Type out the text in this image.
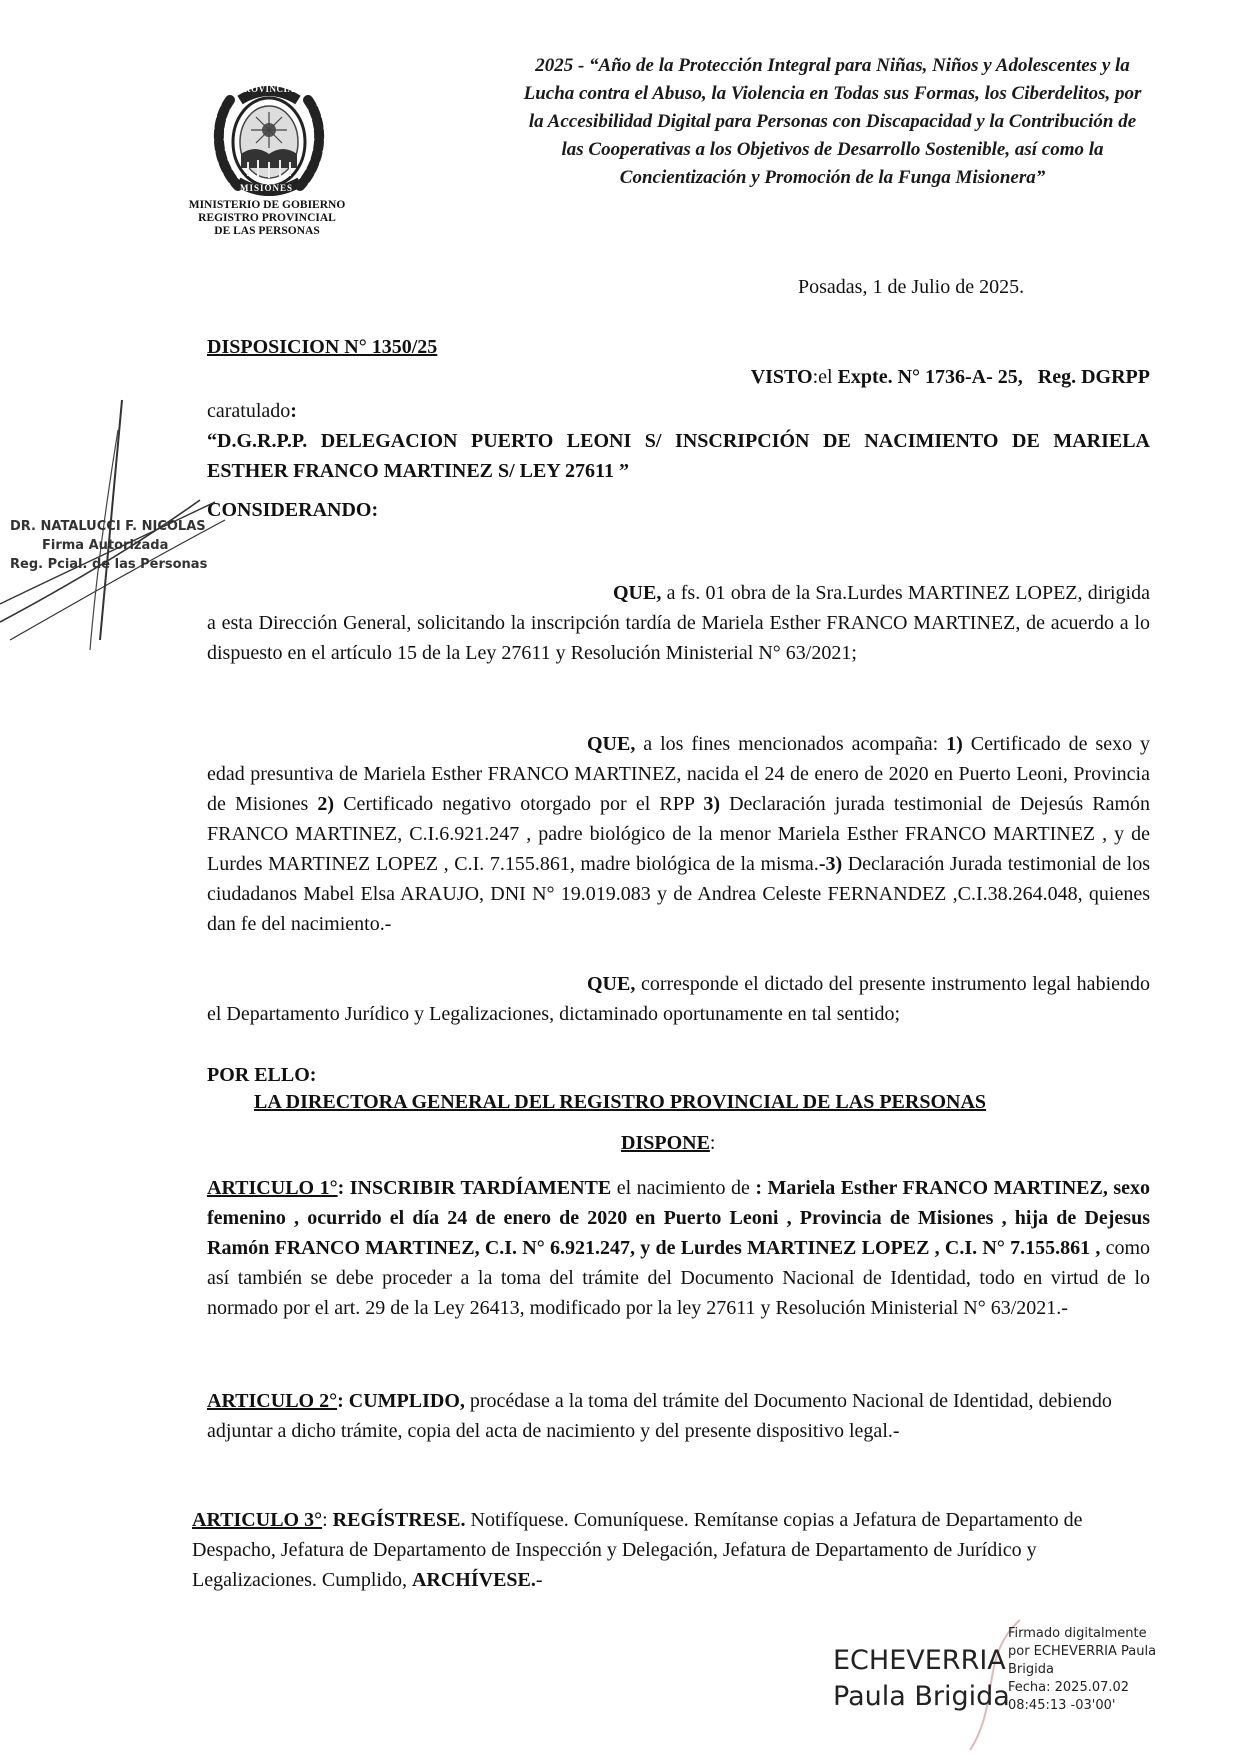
2025 - “Año de la Protección Integral para Niñas, Niños y Adolescentes y la
Lucha contra el Abuso, la Violencia en Todas sus Formas, los Ciberdelitos, por
la Accesibilidad Digital para Personas con Discapacidad y la Contribución de
las Cooperativas a los Objetivos de Desarrollo Sostenible, así como la
Concientización y Promoción de la Funga Misionera”
PROVINCIA DE
MISIONES
MINISTERIO DE GOBIERNO
REGISTRO PROVINCIAL
DE LAS PERSONAS
Posadas, 1 de Julio de 2025.
DISPOSICION N° 1350/25
VISTO:el Expte. N° 1736-A- 25, Reg. DGRPP
caratulado:
“D.G.R.P.P. DELEGACION PUERTO LEONI S/ INSCRIPCIÓN DE NACIMIENTO DE MARIELA ESTHER FRANCO MARTINEZ S/ LEY 27611 ”
CONSIDERANDO:
QUE, a fs. 01 obra de la Sra.Lurdes MARTINEZ LOPEZ, dirigida a esta Dirección General, solicitando la inscripción tardía de Mariela Esther FRANCO MARTINEZ, de acuerdo a lo dispuesto en el artículo 15 de la Ley 27611 y Resolución Ministerial N° 63/2021;
QUE, a los fines mencionados acompaña: 1) Certificado de sexo y edad presuntiva de Mariela Esther FRANCO MARTINEZ, nacida el 24 de enero de 2020 en Puerto Leoni, Provincia de Misiones 2) Certificado negativo otorgado por el RPP 3) Declaración jurada testimonial de Dejesús Ramón FRANCO MARTINEZ, C.I.6.921.247 , padre biológico de la menor Mariela Esther FRANCO MARTINEZ , y de Lurdes MARTINEZ LOPEZ , C.I. 7.155.861, madre biológica de la misma.-3) Declaración Jurada testimonial de los ciudadanos Mabel Elsa ARAUJO, DNI N° 19.019.083 y de Andrea Celeste FERNANDEZ ,C.I.38.264.048, quienes dan fe del nacimiento.-
QUE, corresponde el dictado del presente instrumento legal habiendo el Departamento Jurídico y Legalizaciones, dictaminado oportunamente en tal sentido;
POR ELLO:
LA DIRECTORA GENERAL DEL REGISTRO PROVINCIAL DE LAS PERSONAS
DISPONE:
ARTICULO 1°: INSCRIBIR TARDÍAMENTE el nacimiento de : Mariela Esther FRANCO MARTINEZ, sexo femenino , ocurrido el día 24 de enero de 2020 en Puerto Leoni , Provincia de Misiones , hija de Dejesus Ramón FRANCO MARTINEZ, C.I. N° 6.921.247, y de Lurdes MARTINEZ LOPEZ , C.I. N° 7.155.861 , como así también se debe proceder a la toma del trámite del Documento Nacional de Identidad, todo en virtud de lo normado por el art. 29 de la Ley 26413, modificado por la ley 27611 y Resolución Ministerial N° 63/2021.-
ARTICULO 2°: CUMPLIDO, procédase a la toma del trámite del Documento Nacional de Identidad, debiendo adjuntar a dicho trámite, copia del acta de nacimiento y del presente dispositivo legal.-
ARTICULO 3°: REGÍSTRESE. Notifíquese. Comuníquese. Remítanse copias a Jefatura de Departamento de Despacho, Jefatura de Departamento de Inspección y Delegación, Jefatura de Departamento de Jurídico y Legalizaciones. Cumplido, ARCHÍVESE.-
DR. NATALUCCI F. NICOLAS
Firma Autorizada
Reg. Pcial. de las Personas
ECHEVERRIA
Paula Brigida
Firmado digitalmente
por ECHEVERRIA Paula
Brigida
Fecha: 2025.07.02
08:45:13 -03'00'
